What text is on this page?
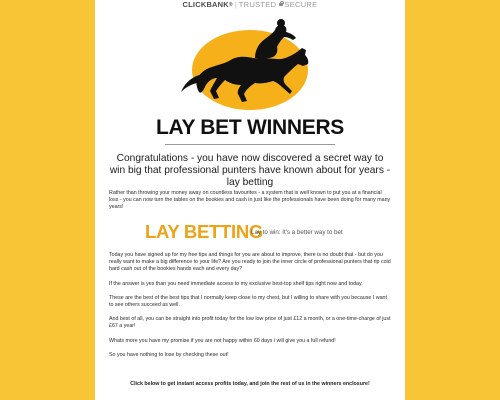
CLICKBANK® | TRUSTED SECURE
LAY BET WINNERS
Congratulations - you have now discovered a secret way to win big that professional punters have known about for years - lay betting
Rather than throwing your money away on countless favourites - a system that is well known to put you at a financial loss - you can now turn the tables on the bookies and cash in just like the professionals have been doing for many many years!
LAY BETTING
Lay to win: It's a better way to bet
Today you have signed up for my free tips and things for you are about to improve, there is no doubt that - but do you really want to make a big difference to your life? Are you ready to join the inner circle of professional punters that rip cold hard cash out of the bookies hands each and every day?
If the answer is yes than you need immediate access to my exclusive best-top shelf tips right now and today.
These are the best of the best tips that I normally keep close to my chest, but I willing to share with you because I want to see others succeed as well.
And best of all, you can be straight into profit today for the low low price of just £12 a month, or a one-time-charge of just £67 a year!
Whats more you have my promise if you are not happy within 60 days i will give you a full refund!
So you have nothing to lose by checking these out!
Click below to get instant access profits today, and join the rest of us in the winners enclosure!
